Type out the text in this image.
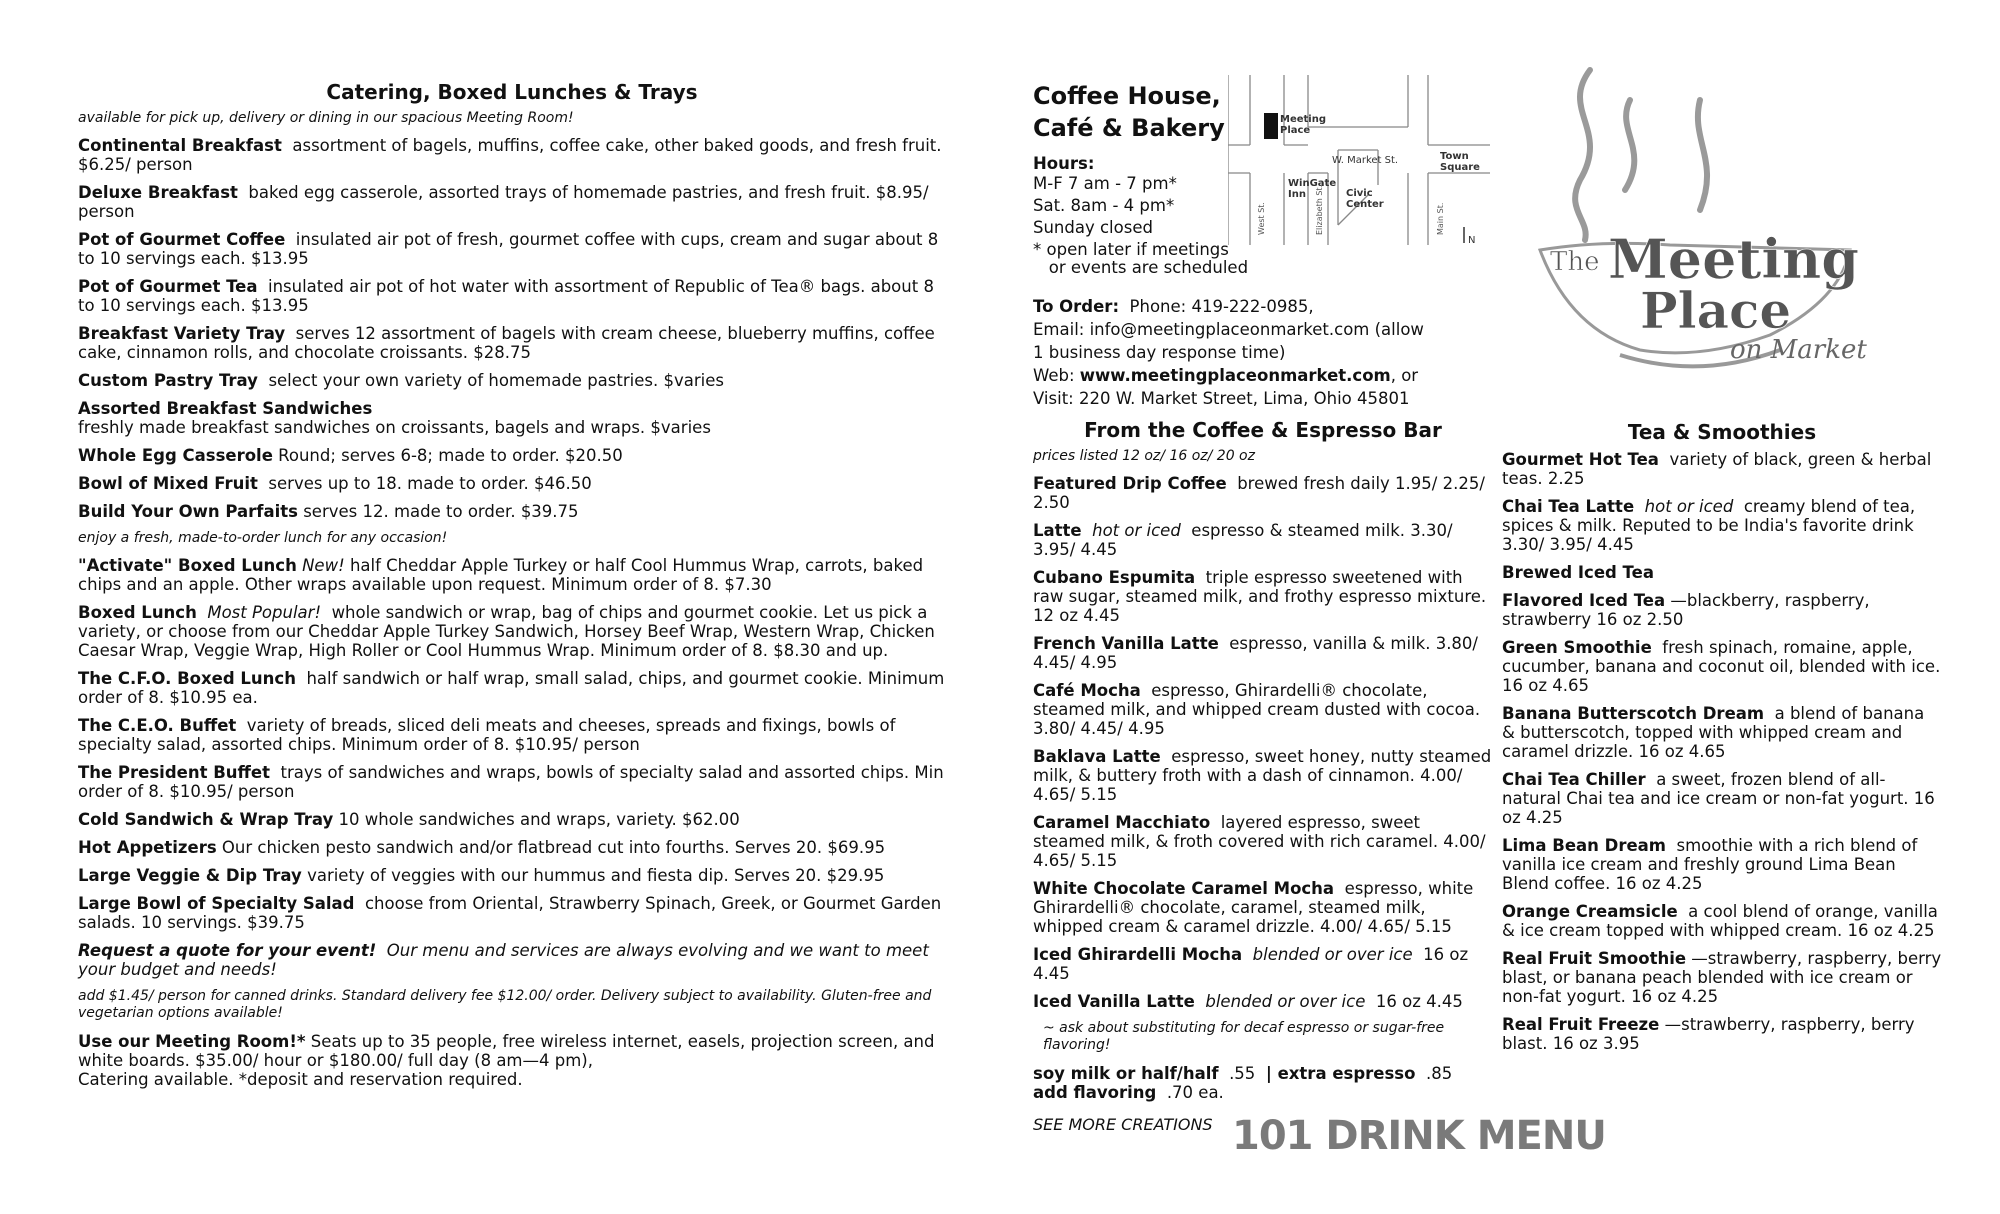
Catering, Boxed Lunches & Trays
available for pick up, delivery or dining in our spacious Meeting Room!
Continental Breakfast assortment of bagels, muffins, coffee cake, other baked goods, and fresh fruit. $6.25/ person
Deluxe Breakfast baked egg casserole, assorted trays of homemade pastries, and fresh fruit. $8.95/ person
Pot of Gourmet Coffee insulated air pot of fresh, gourmet coffee with cups, cream and sugar about 8 to 10 servings each. $13.95
Pot of Gourmet Tea insulated air pot of hot water with assortment of Republic of Tea® bags. about 8 to 10 servings each. $13.95
Breakfast Variety Tray serves 12 assortment of bagels with cream cheese, blueberry muffins, coffee cake, cinnamon rolls, and chocolate croissants. $28.75
Custom Pastry Tray select your own variety of homemade pastries. $varies
Assorted Breakfast Sandwiches
freshly made breakfast sandwiches on croissants, bagels and wraps. $varies
Whole Egg Casserole Round; serves 6-8; made to order. $20.50
Bowl of Mixed Fruit serves up to 18. made to order. $46.50
Build Your Own Parfaits serves 12. made to order. $39.75
enjoy a fresh, made-to-order lunch for any occasion!
"Activate" Boxed Lunch New! half Cheddar Apple Turkey or half Cool Hummus Wrap, carrots, baked chips and an apple. Other wraps available upon request. Minimum order of 8. $7.30
Boxed Lunch Most Popular! whole sandwich or wrap, bag of chips and gourmet cookie. Let us pick a variety, or choose from our Cheddar Apple Turkey Sandwich, Horsey Beef Wrap, Western Wrap, Chicken Caesar Wrap, Veggie Wrap, High Roller or Cool Hummus Wrap. Minimum order of 8. $8.30 and up.
The C.F.O. Boxed Lunch half sandwich or half wrap, small salad, chips, and gourmet cookie. Minimum order of 8. $10.95 ea.
The C.E.O. Buffet variety of breads, sliced deli meats and cheeses, spreads and fixings, bowls of specialty salad, assorted chips. Minimum order of 8. $10.95/ person
The President Buffet trays of sandwiches and wraps, bowls of specialty salad and assorted chips. Min order of 8. $10.95/ person
Cold Sandwich & Wrap Tray 10 whole sandwiches and wraps, variety. $62.00
Hot Appetizers Our chicken pesto sandwich and/or flatbread cut into fourths. Serves 20. $69.95
Large Veggie & Dip Tray variety of veggies with our hummus and fiesta dip. Serves 20. $29.95
Large Bowl of Specialty Salad choose from Oriental, Strawberry Spinach, Greek, or Gourmet Garden salads. 10 servings. $39.75
Request a quote for your event! Our menu and services are always evolving and we want to meet your budget and needs!
add $1.45/ person for canned drinks. Standard delivery fee $12.00/ order. Delivery subject to availability. Gluten-free and vegetarian options available!
Use our Meeting Room!* Seats up to 35 people, free wireless internet, easels, projection screen, and white boards. $35.00/ hour or $180.00/ full day (8 am—4 pm),
Catering available. *deposit and reservation required.
Coffee House,
Café & Bakery
Hours:
M-F 7 am - 7 pm*
Sat. 8am - 4 pm*
Sunday closed
* open later if meetings
or events are scheduled
To Order: Phone: 419-222-0985,
Email: info@meetingplaceonmarket.com (allow
1 business day response time)
Web: www.meetingplaceonmarket.com, or
Visit: 220 W. Market Street, Lima, Ohio 45801
Meeting
Place
W. Market St.	Town
Square
WinGate
Inn	Civic
Center
N
West St.	Elizabeth St.	Main St.
The Meeting
Place
on Market
From the Coffee & Espresso Bar
prices listed 12 oz/ 16 oz/ 20 oz
Featured Drip Coffee brewed fresh daily 1.95/ 2.25/ 2.50
Latte hot or iced espresso & steamed milk. 3.30/ 3.95/ 4.45
Cubano Espumita triple espresso sweetened with raw sugar, steamed milk, and frothy espresso mixture. 12 oz 4.45
French Vanilla Latte espresso, vanilla & milk. 3.80/ 4.45/ 4.95
Café Mocha espresso, Ghirardelli® chocolate, steamed milk, and whipped cream dusted with cocoa. 3.80/ 4.45/ 4.95
Baklava Latte espresso, sweet honey, nutty steamed milk, & buttery froth with a dash of cinnamon. 4.00/ 4.65/ 5.15
Caramel Macchiato layered espresso, sweet steamed milk, & froth covered with rich caramel. 4.00/ 4.65/ 5.15
White Chocolate Caramel Mocha espresso, white Ghirardelli® chocolate, caramel, steamed milk, whipped cream & caramel drizzle. 4.00/ 4.65/ 5.15
Iced Ghirardelli Mocha blended or over ice 16 oz 4.45
Iced Vanilla Latte blended or over ice 16 oz 4.45
~ ask about substituting for decaf espresso or sugar-free flavoring!
soy milk or half/half .55 | extra espresso .85
add flavoring .70 ea.
SEE MORE CREATIONS 101 DRINK MENU
Tea & Smoothies
Gourmet Hot Tea variety of black, green & herbal teas. 2.25
Chai Tea Latte hot or iced creamy blend of tea, spices & milk. Reputed to be India's favorite drink 3.30/ 3.95/ 4.45
Brewed Iced Tea
Flavored Iced Tea —blackberry, raspberry, strawberry 16 oz 2.50
Green Smoothie fresh spinach, romaine, apple, cucumber, banana and coconut oil, blended with ice. 16 oz 4.65
Banana Butterscotch Dream a blend of banana & butterscotch, topped with whipped cream and caramel drizzle. 16 oz 4.65
Chai Tea Chiller a sweet, frozen blend of all-natural Chai tea and ice cream or non-fat yogurt. 16 oz 4.25
Lima Bean Dream smoothie with a rich blend of vanilla ice cream and freshly ground Lima Bean Blend coffee. 16 oz 4.25
Orange Creamsicle a cool blend of orange, vanilla & ice cream topped with whipped cream. 16 oz 4.25
Real Fruit Smoothie —strawberry, raspberry, berry blast, or banana peach blended with ice cream or non-fat yogurt. 16 oz 4.25
Real Fruit Freeze —strawberry, raspberry, berry blast. 16 oz 3.95
